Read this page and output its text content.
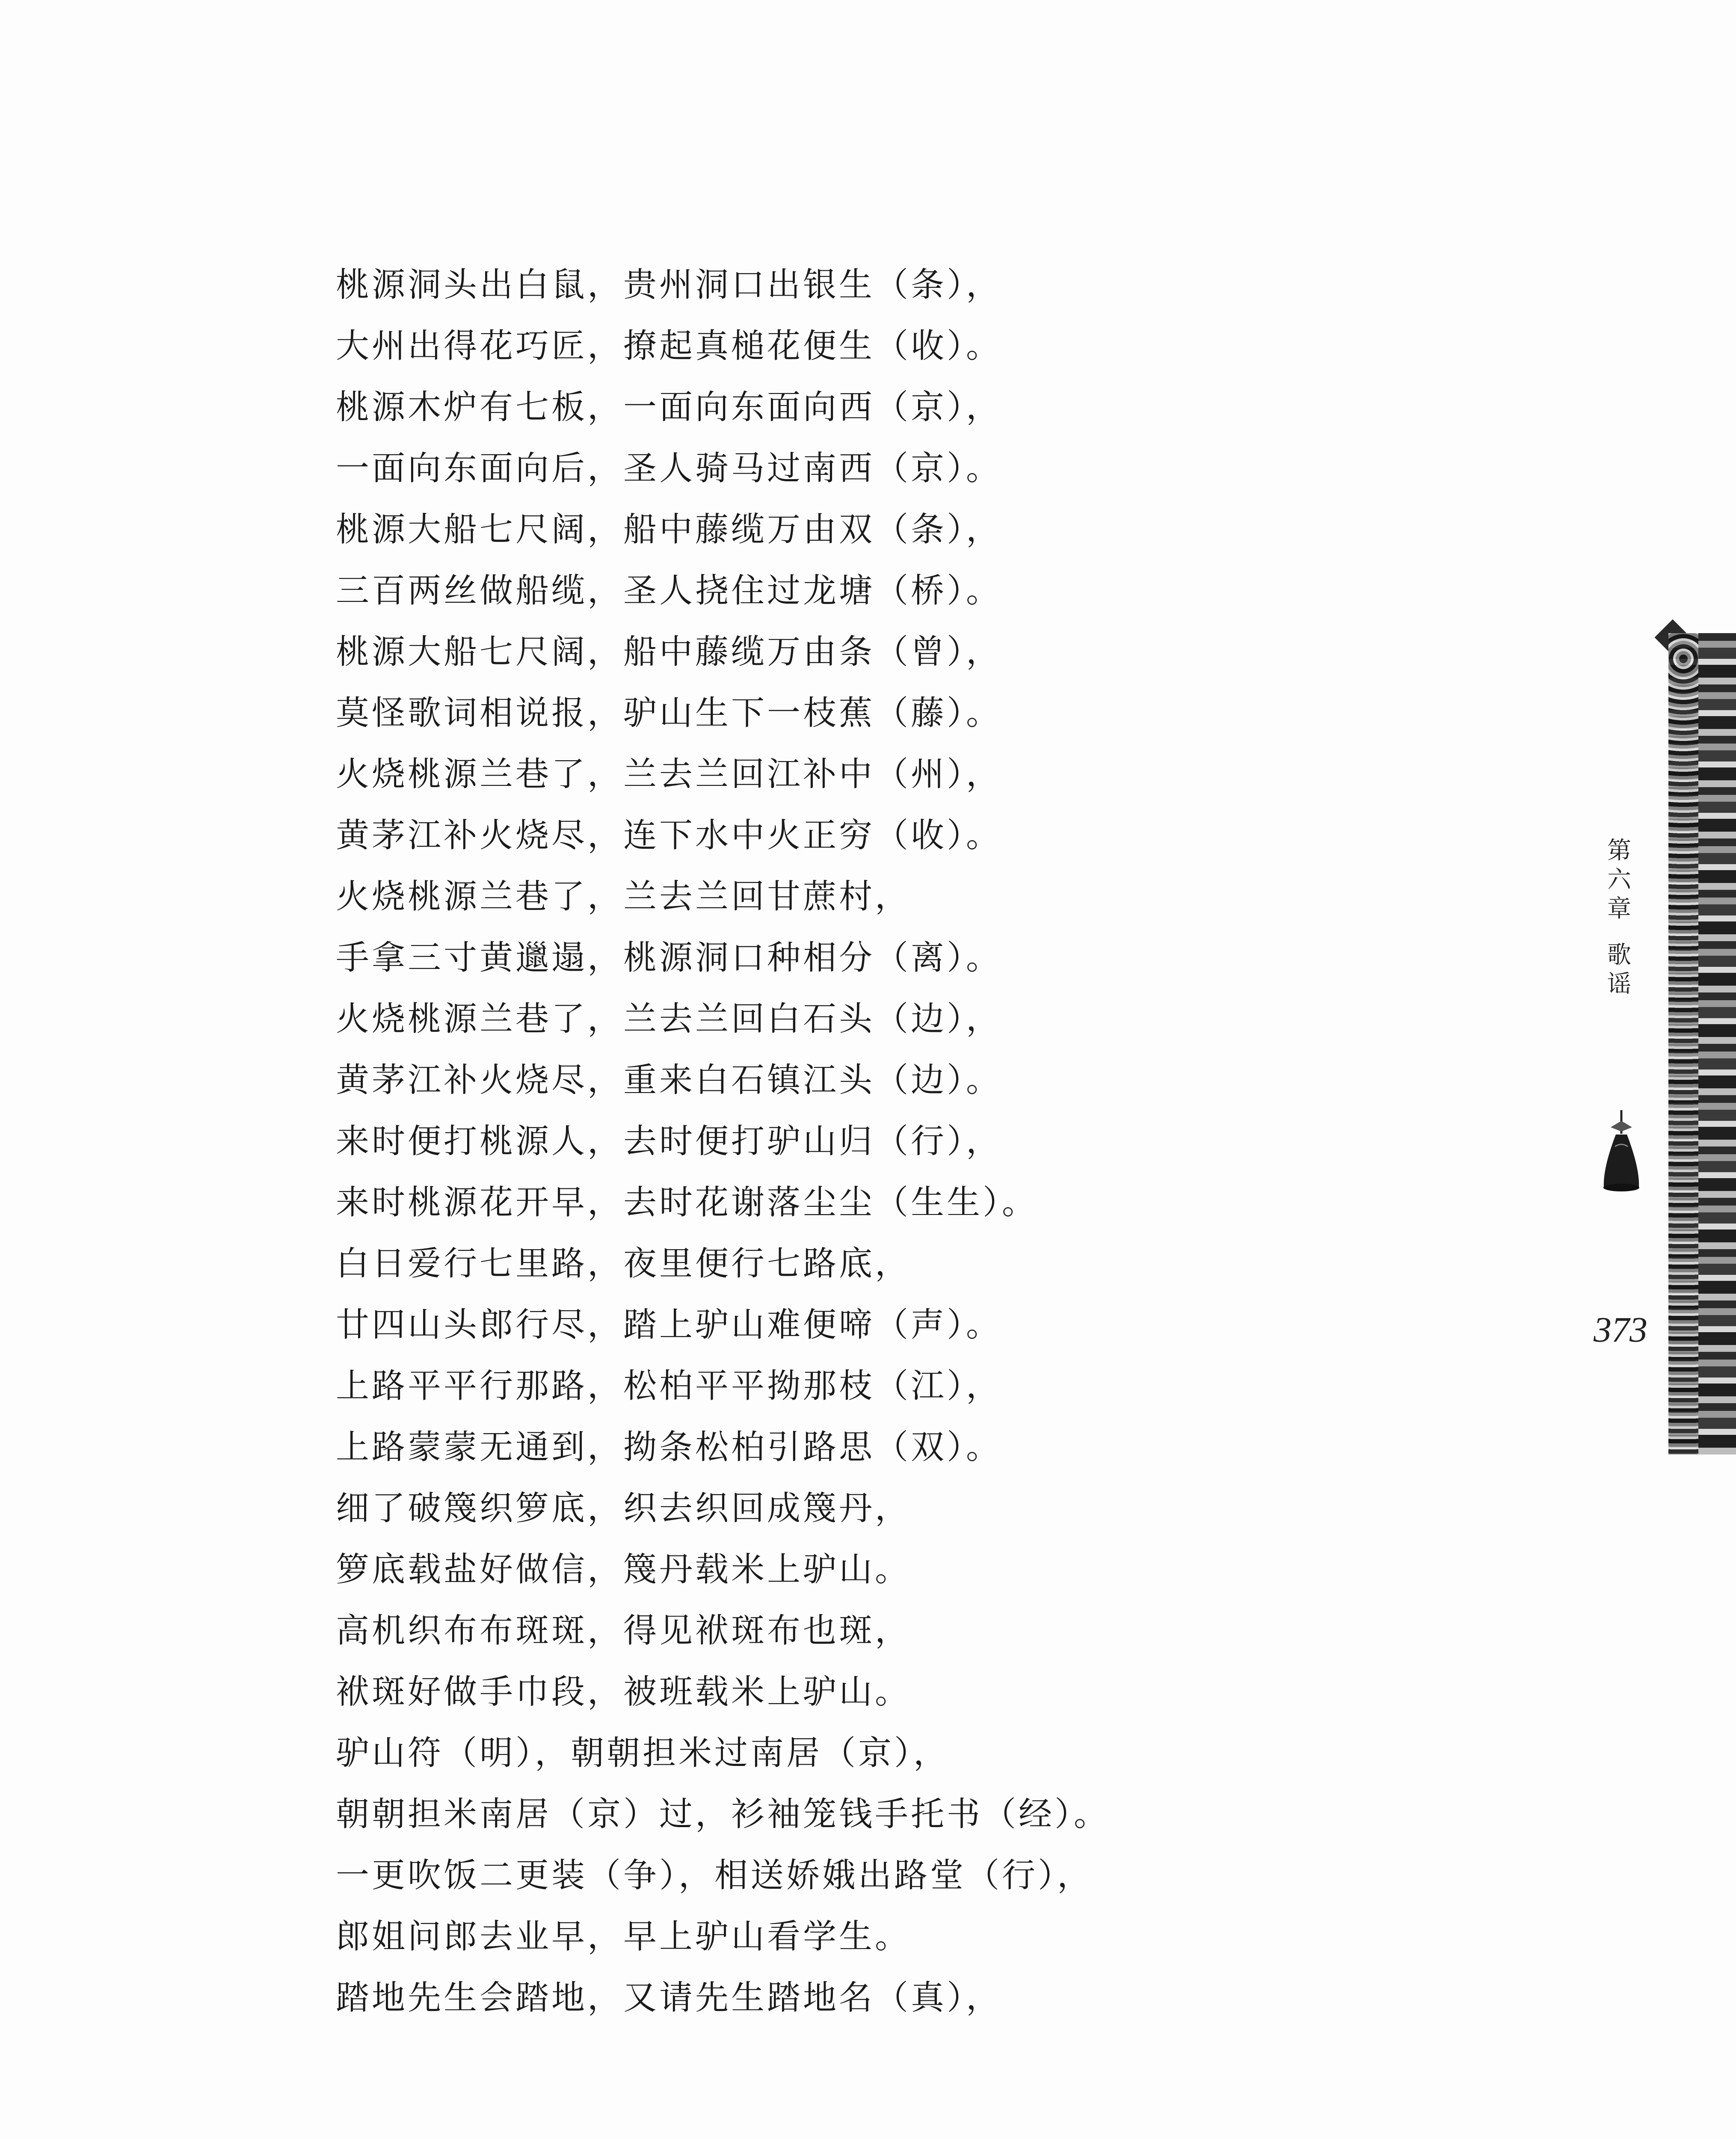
桃源洞头出白鼠，贵州洞口出银生（条），
大州出得花巧匠，撩起真槌花便生（收）。
桃源木炉有七板，一面向东面向西（京），
一面向东面向后，圣人骑马过南西（京）。
桃源大船七尺阔，船中藤缆万由双（条），
三百两丝做船缆，圣人挠住过龙塘（桥）。
桃源大船七尺阔，船中藤缆万由条（曾），
莫怪歌词相说报，驴山生下一枝蕉（藤）。
火烧桃源兰巷了，兰去兰回江补中（州），
黄茅江补火烧尽，连下水中火正穷（收）。
火烧桃源兰巷了，兰去兰回甘蔗村，
手拿三寸黄邋遢，桃源洞口种相分（离）。
火烧桃源兰巷了，兰去兰回白石头（边），
黄茅江补火烧尽，重来白石镇江头（边）。
来时便打桃源人，去时便打驴山归（行），
来时桃源花开早，去时花谢落尘尘（生生）。
白日爱行七里路，夜里便行七路底，
廿四山头郎行尽，踏上驴山难便啼（声）。
上路平平行那路，松柏平平拗那枝（江），
上路蒙蒙无通到，拗条松柏引路思（双）。
细了破篾织箩底，织去织回成篾丹，
箩底载盐好做信，篾丹载米上驴山。
高机织布布斑斑，得见袱斑布也斑，
袱斑好做手巾段，被班载米上驴山。
驴山符（明），朝朝担米过南居（京），
朝朝担米南居（京）过，衫袖笼钱手托书（经）。
一更吹饭二更装（争），相送娇娥出路堂（行），
郎姐问郎去业早，早上驴山看学生。
踏地先生会踏地，又请先生踏地名（真），
第
六
章
歌
谣
373
